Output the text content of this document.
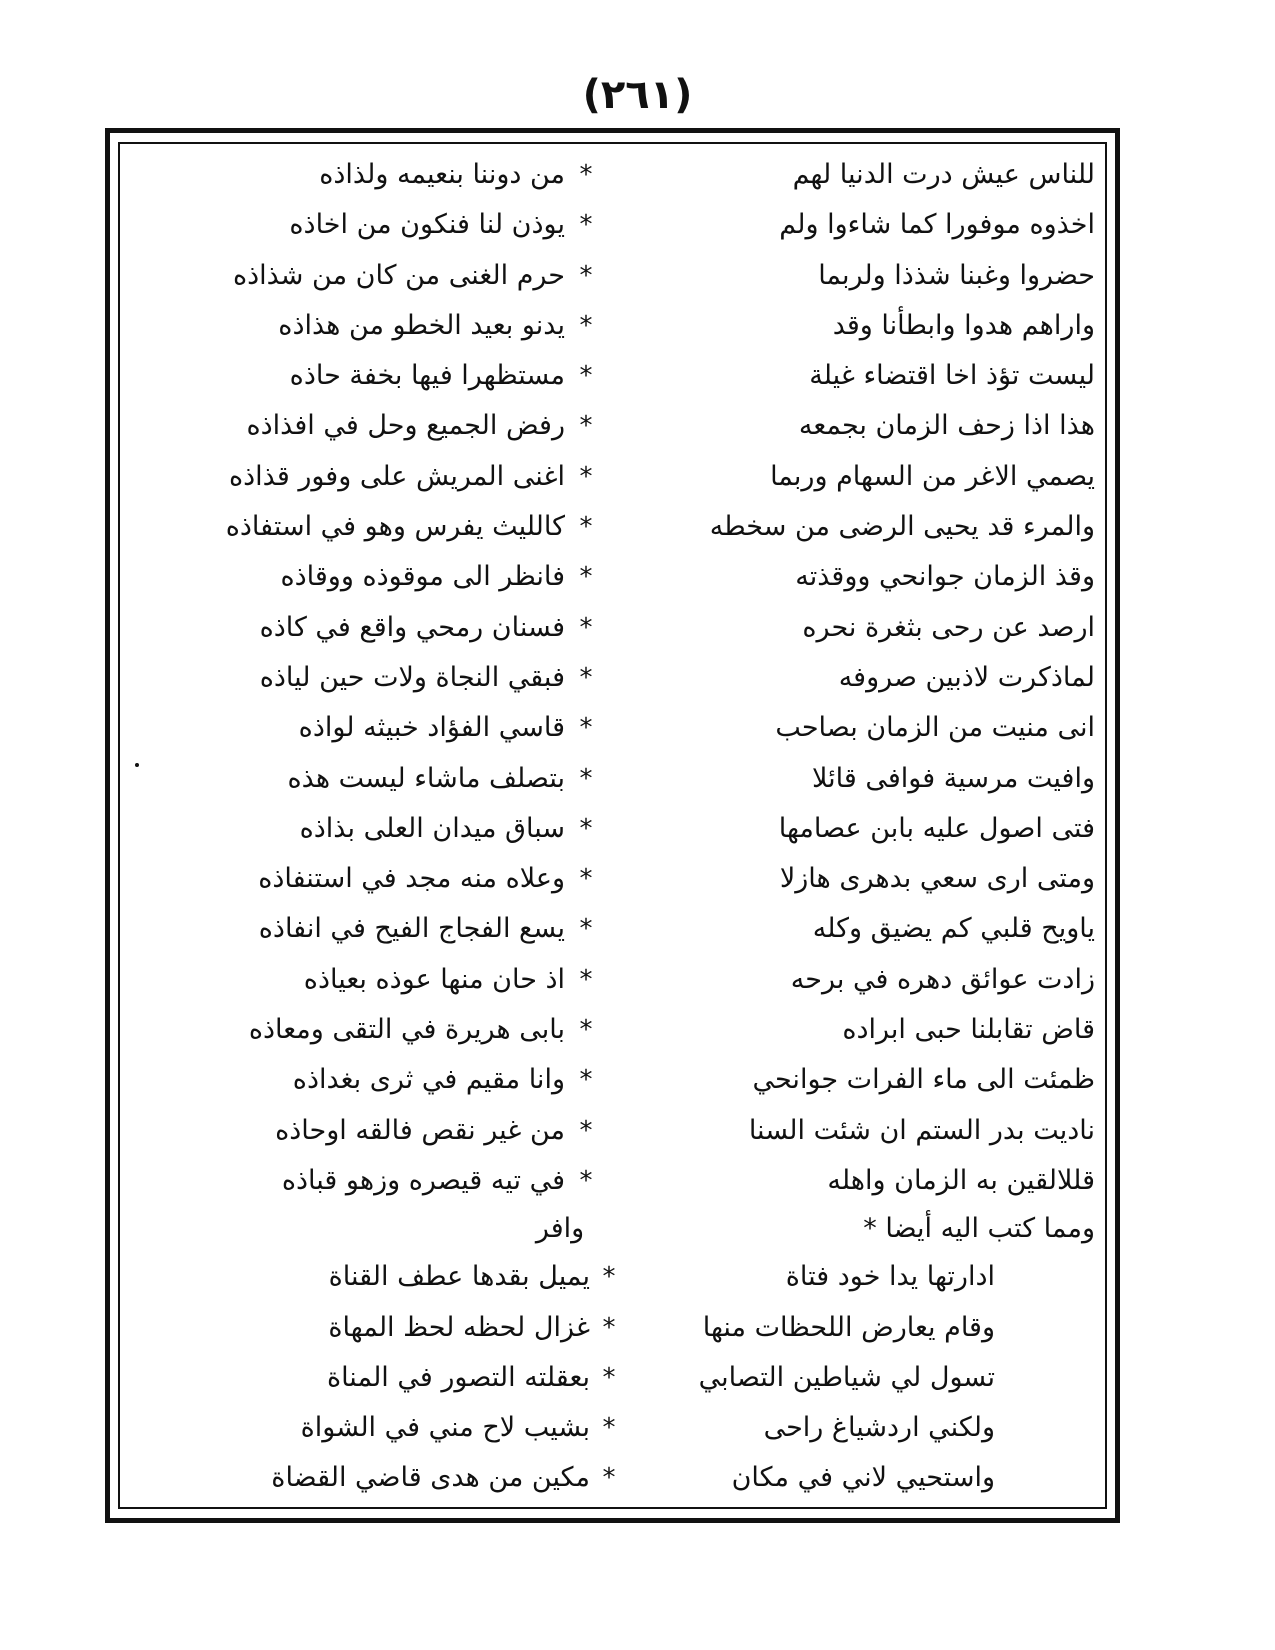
(٢٦١)
للناس عيش درت الدنيا لهم
*
من دوننا بنعيمه ولذاذه
اخذوه موفورا كما شاءوا ولم
*
يوذن لنا فنكون من اخاذه
حضروا وغبنا شذذا ولربما
*
حرم الغنى من كان من شذاذه
واراهم هدوا وابطأنا وقد
*
يدنو بعيد الخطو من هذاذه
ليست تؤذ اخا اقتضاء غيلة
*
مستظهرا فيها بخفة حاذه
هذا اذا زحف الزمان بجمعه
*
رفض الجميع وحل في افذاذه
يصمي الاغر من السهام وربما
*
اغنى المريش على وفور قذاذه
والمرء قد يحيى الرضى من سخطه
*
كالليث يفرس وهو في استفاذه
وقذ الزمان جوانحي ووقذته
*
فانظر الى موقوذه ووقاذه
ارصد عن رحى بثغرة نحره
*
فسنان رمحي واقع في كاذه
لماذكرت لاذبين صروفه
*
فبقي النجاة ولات حين لياذه
انى منيت من الزمان بصاحب
*
قاسي الفؤاد خبيثه لواذه
وافيت مرسية فوافى قائلا
*
بتصلف ماشاء ليست هذه
فتى اصول عليه بابن عصامها
*
سباق ميدان العلى بذاذه
ومتى ارى سعي بدهرى هازلا
*
وعلاه منه مجد في استنفاذه
ياويح قلبي كم يضيق وكله
*
يسع الفجاج الفيح في انفاذه
زادت عوائق دهره في برحه
*
اذ حان منها عوذه بعياذه
قاض تقابلنا حبى ابراده
*
بابى هريرة في التقى ومعاذه
ظمئت الى ماء الفرات جوانحي
*
وانا مقيم في ثرى بغداذه
ناديت بدر الستم ان شئت السنا
*
من غير نقص فالقه اوحاذه
قللالقين به الزمان واهله
*
في تيه قيصره وزهو قباذه
ومما كتب اليه أيضا *
وافر
ادارتها يدا خود فتاة
*
يميل بقدها عطف القناة
وقام يعارض اللحظات منها
*
غزال لحظه لحظ المهاة
تسول لي شياطين التصابي
*
بعقلته التصور في المناة
ولكني اردشياغ راحى
*
بشيب لاح مني في الشواة
واستحيي لاني في مكان
*
مكين من هدى قاضي القضاة
